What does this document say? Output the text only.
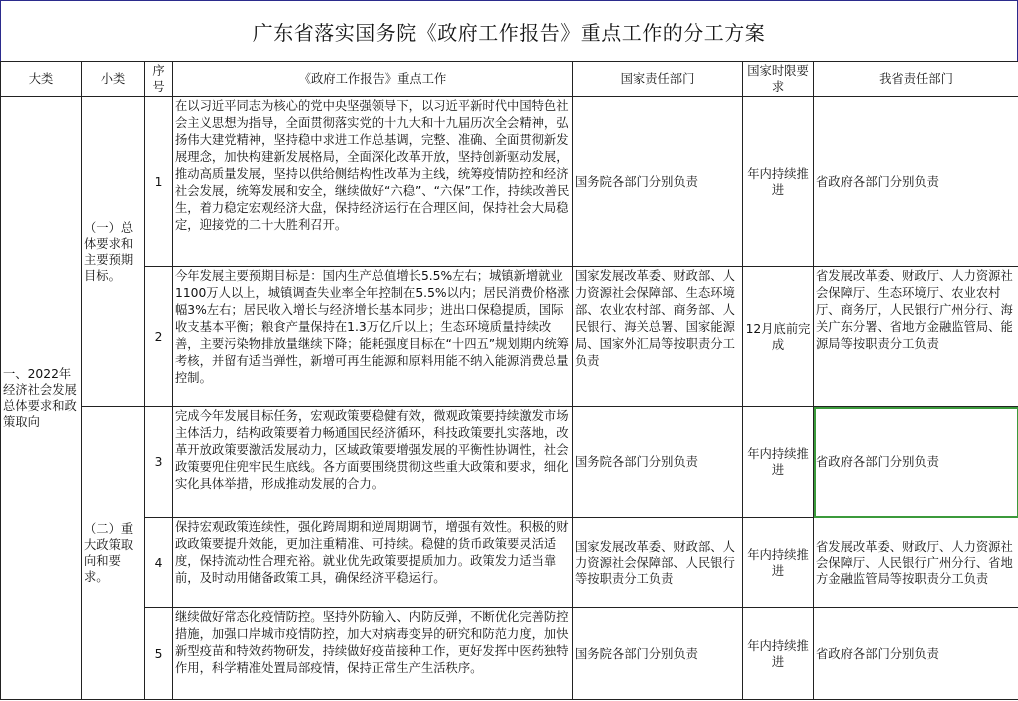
广东省落实国务院《政府工作报告》重点工作的分工方案
大类	小类	序号	《政府工作报告》重点工作	国家责任部门	国家时限要求	我省责任部门
一、2022年经济社会发展总体要求和政策取向	（一）总体要求和主要预期目标。	1	在以习近平同志为核心的党中央坚强领导下，以习近平新时代中国特色社会主义思想为指导，全面贯彻落实党的十九大和十九届历次全会精神，弘扬伟大建党精神，坚持稳中求进工作总基调，完整、准确、全面贯彻新发展理念，加快构建新发展格局，全面深化改革开放，坚持创新驱动发展，推动高质量发展，坚持以供给侧结构性改革为主线，统筹疫情防控和经济社会发展，统筹发展和安全，继续做好“六稳”、“六保”工作，持续改善民生，着力稳定宏观经济大盘，保持经济运行在合理区间，保持社会大局稳定，迎接党的二十大胜利召开。	国务院各部门分别负责	年内持续推进	省政府各部门分别负责
		2	今年发展主要预期目标是：国内生产总值增长5.5%左右；城镇新增就业1100万人以上，城镇调查失业率全年控制在5.5%以内；居民消费价格涨幅3%左右；居民收入增长与经济增长基本同步；进出口保稳提质，国际收支基本平衡；粮食产量保持在1.3万亿斤以上；生态环境质量持续改善，主要污染物排放量继续下降；能耗强度目标在“十四五”规划期内统筹考核，并留有适当弹性，新增可再生能源和原料用能不纳入能源消费总量控制。	国家发展改革委、财政部、人力资源社会保障部、生态环境部、农业农村部、商务部、人民银行、海关总署、国家能源局、国家外汇局等按职责分工负责	12月底前完成	省发展改革委、财政厅、人力资源社会保障厅、生态环境厅、农业农村厅、商务厅，人民银行广州分行、海关广东分署、省地方金融监管局、能源局等按职责分工负责
	（二）重大政策取向和要求。	3	完成今年发展目标任务，宏观政策要稳健有效，微观政策要持续激发市场主体活力，结构政策要着力畅通国民经济循环，科技政策要扎实落地，改革开放政策要激活发展动力，区域政策要增强发展的平衡性协调性，社会政策要兜住兜牢民生底线。各方面要围绕贯彻这些重大政策和要求，细化实化具体举措，形成推动发展的合力。	国务院各部门分别负责	年内持续推进	省政府各部门分别负责
		4	保持宏观政策连续性，强化跨周期和逆周期调节，增强有效性。积极的财政政策要提升效能，更加注重精准、可持续。稳健的货币政策要灵活适度，保持流动性合理充裕。就业优先政策要提质加力。政策发力适当靠前，及时动用储备政策工具，确保经济平稳运行。	国家发展改革委、财政部、人力资源社会保障部、人民银行等按职责分工负责	年内持续推进	省发展改革委、财政厅、人力资源社会保障厅、人民银行广州分行、省地方金融监管局等按职责分工负责
		5	继续做好常态化疫情防控。坚持外防输入、内防反弹，不断优化完善防控措施，加强口岸城市疫情防控，加大对病毒变异的研究和防范力度，加快新型疫苗和特效药物研发，持续做好疫苗接种工作，更好发挥中医药独特作用，科学精准处置局部疫情，保持正常生产生活秩序。	国务院各部门分别负责	年内持续推进	省政府各部门分别负责
